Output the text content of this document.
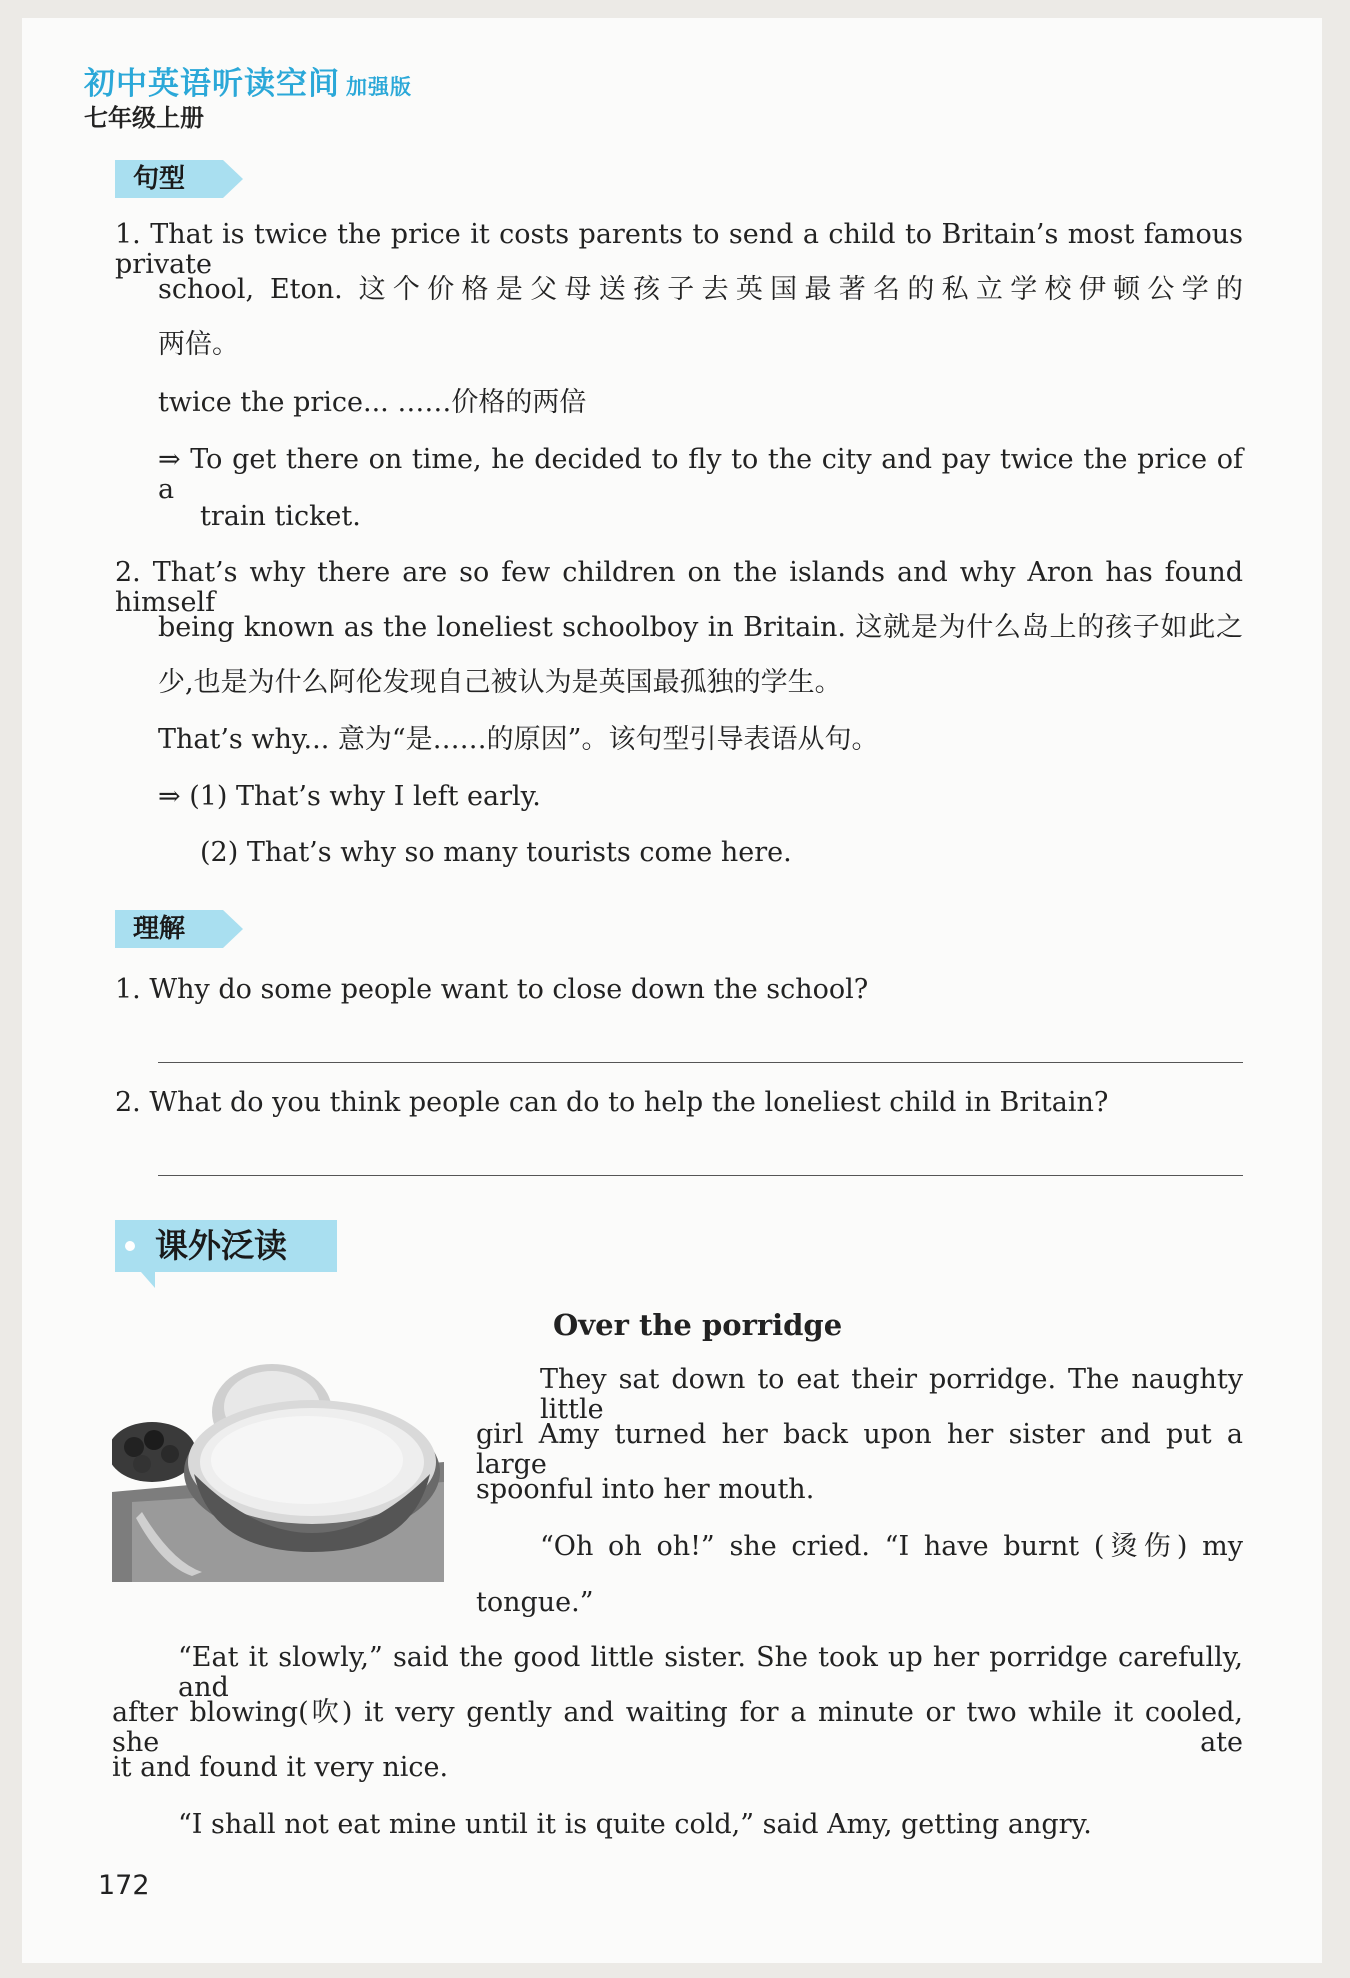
初中英语听读空间 加强版
七年级上册
句型
1. That is twice the price it costs parents to send a child to Britain’s most famous private
school, Eton. 这个价格是父母送孩子去英国最著名的私立学校伊顿公学的
两倍。
twice the price... ……价格的两倍
⇒ To get there on time, he decided to fly to the city and pay twice the price of a
train ticket.
2. That’s why there are so few children on the islands and why Aron has found himself
being known as the loneliest schoolboy in Britain. 这就是为什么岛上的孩子如此之
少,也是为什么阿伦发现自己被认为是英国最孤独的学生。
That’s why... 意为“是……的原因”。该句型引导表语从句。
⇒ (1) That’s why I left early.
(2) That’s why so many tourists come here.
理解
1. Why do some people want to close down the school?
2. What do you think people can do to help the loneliest child in Britain?
课外泛读
Over the porridge
They sat down to eat their porridge. The naughty little
girl Amy turned her back upon her sister and put a large
spoonful into her mouth.
“Oh oh oh!” she cried. “I have burnt (烫伤) my
tongue.”
“Eat it slowly,” said the good little sister. She took up her porridge carefully, and
after blowing(吹) it very gently and waiting for a minute or two while it cooled, she ate
it and found it very nice.
“I shall not eat mine until it is quite cold,” said Amy, getting angry.
172
